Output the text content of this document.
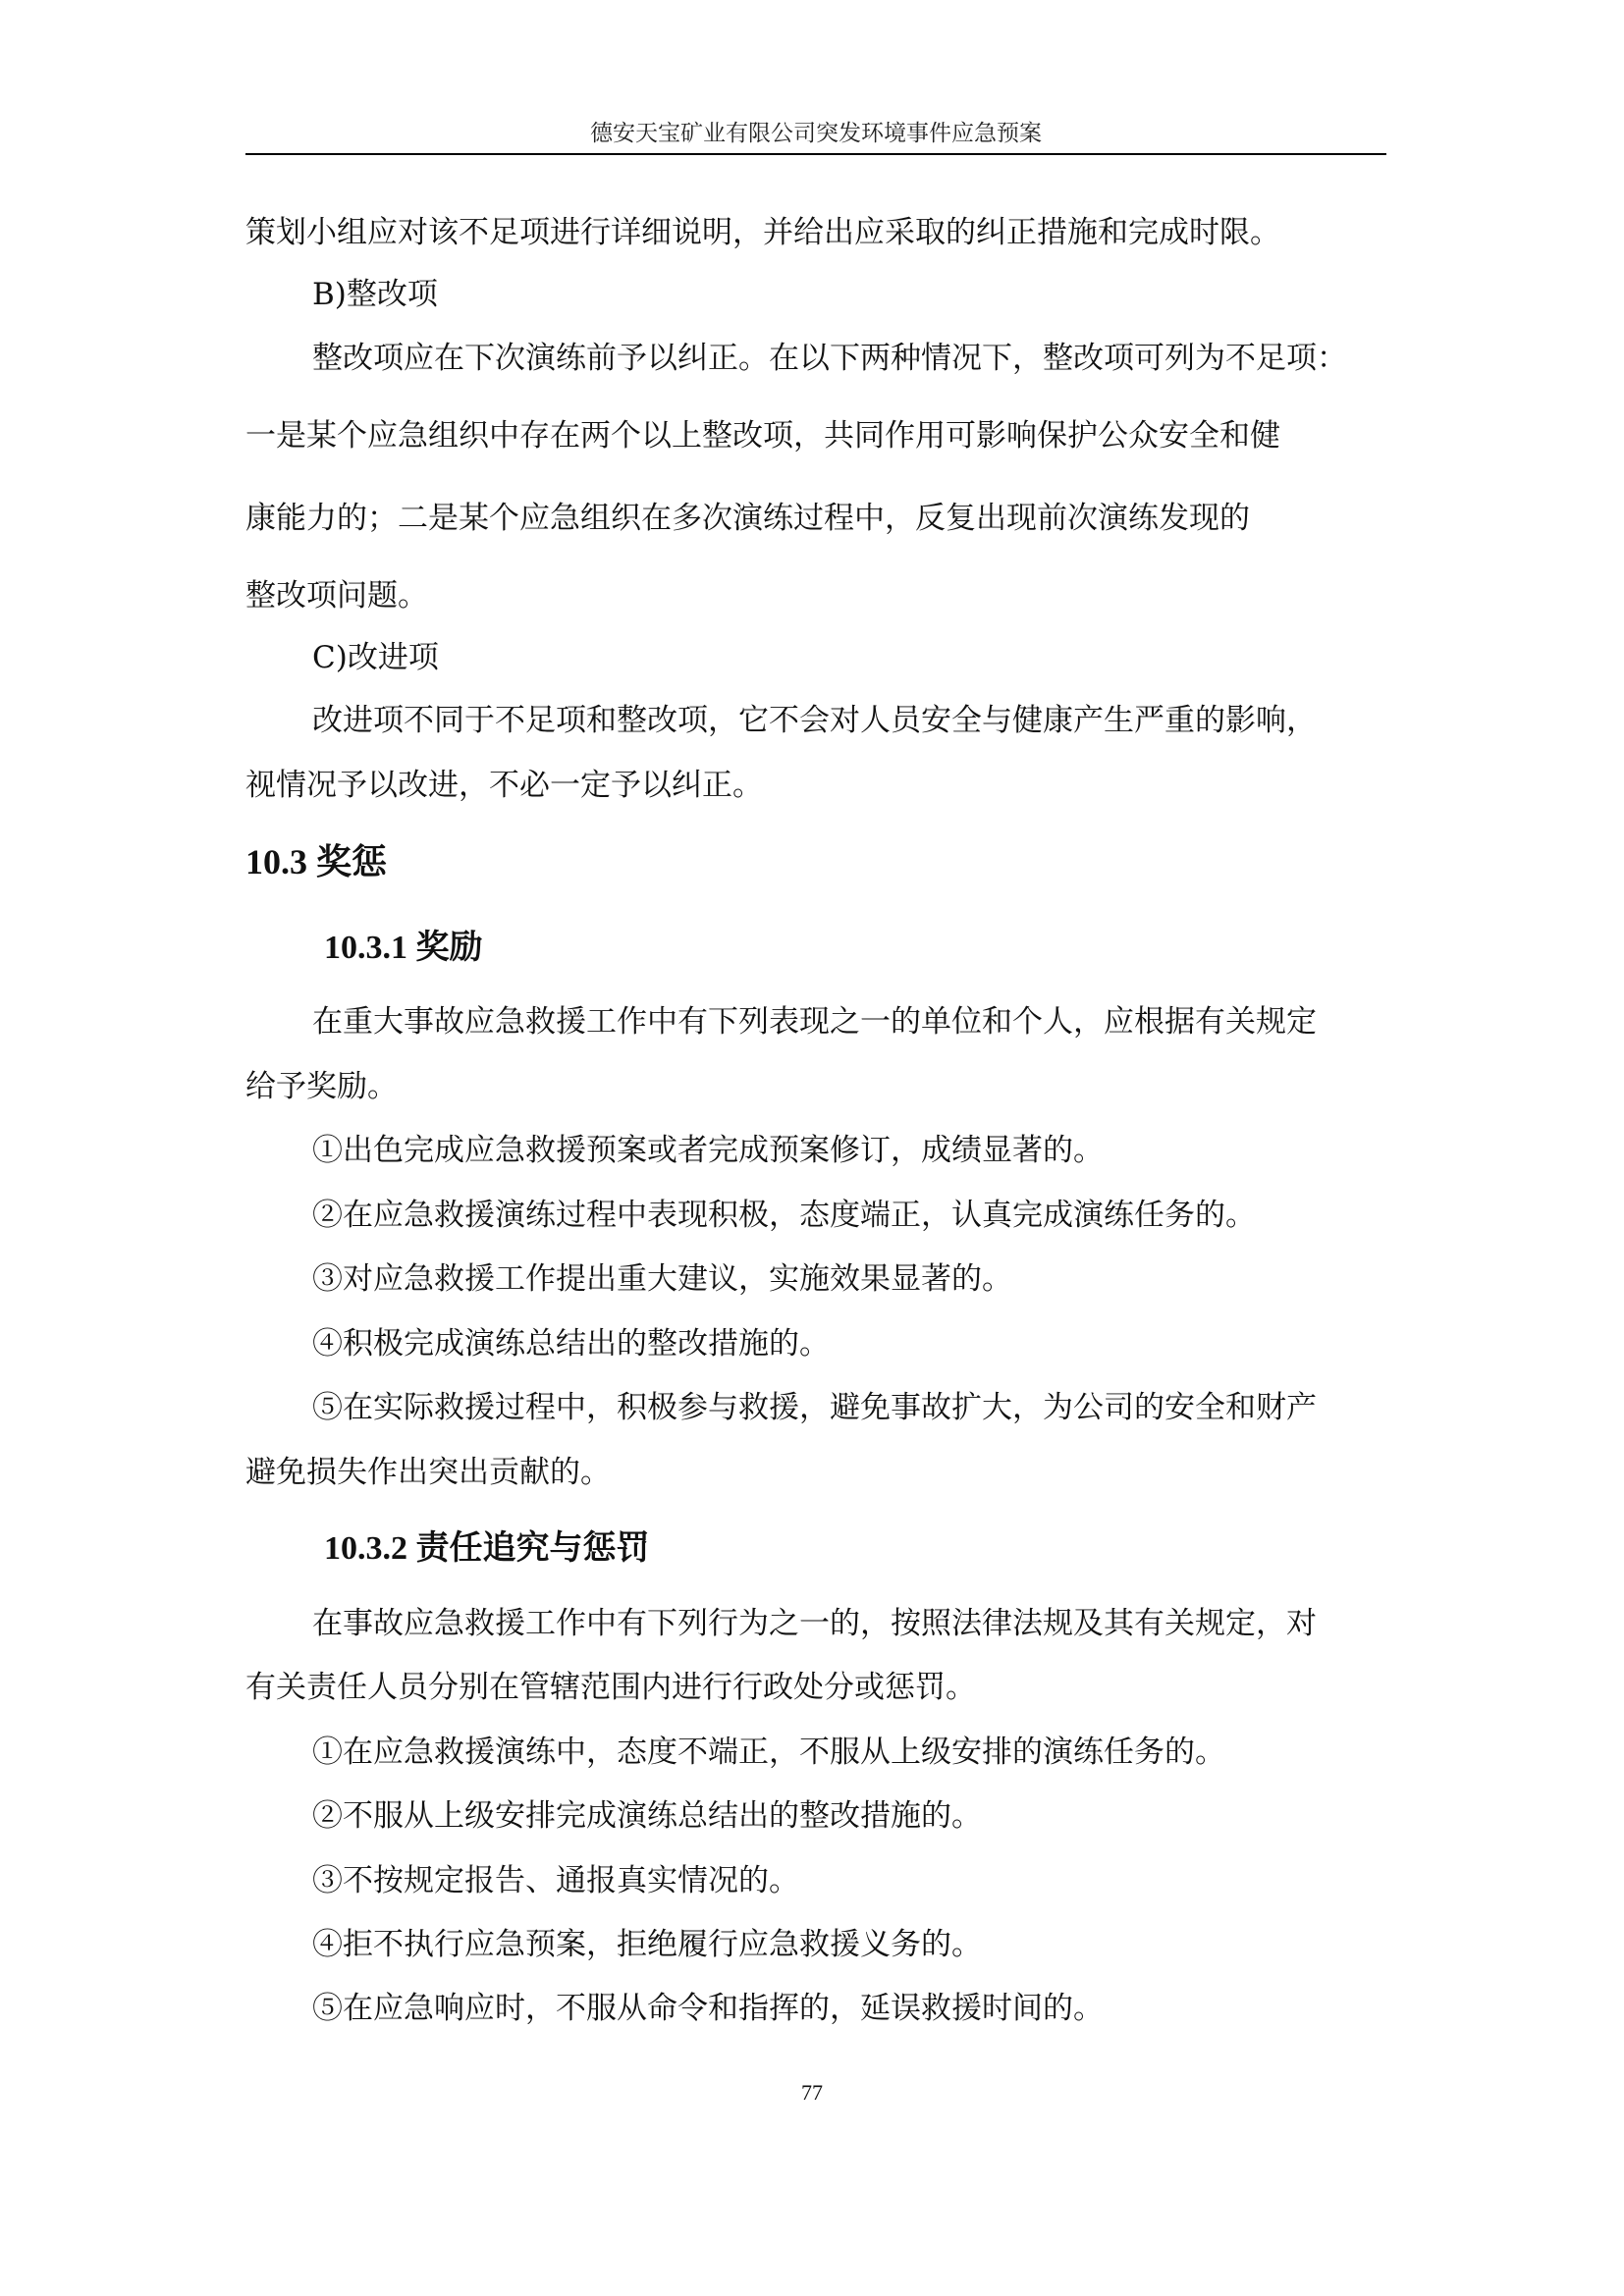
德安天宝矿业有限公司突发环境事件应急预案

策划小组应对该不足项进行详细说明，并给出应采取的纠正措施和完成时限。

B)整改项

整改项应在下次演练前予以纠正。在以下两种情况下，整改项可列为不足项：

一是某个应急组织中存在两个以上整改项，共同作用可影响保护公众安全和健

康能力的；二是某个应急组织在多次演练过程中，反复出现前次演练发现的

整改项问题。

C)改进项

改进项不同于不足项和整改项，它不会对人员安全与健康产生严重的影响，

视情况予以改进，不必一定予以纠正。

10.3 奖惩
10.3.1 奖励

在重大事故应急救援工作中有下列表现之一的单位和个人，应根据有关规定

给予奖励。

①出色完成应急救援预案或者完成预案修订，成绩显著的。

②在应急救援演练过程中表现积极，态度端正，认真完成演练任务的。

③对应急救援工作提出重大建议，实施效果显著的。

④积极完成演练总结出的整改措施的。

⑤在实际救援过程中，积极参与救援，避免事故扩大，为公司的安全和财产

避免损失作出突出贡献的。

10.3.2 责任追究与惩罚

在事故应急救援工作中有下列行为之一的，按照法律法规及其有关规定，对

有关责任人员分别在管辖范围内进行行政处分或惩罚。

①在应急救援演练中，态度不端正，不服从上级安排的演练任务的。

②不服从上级安排完成演练总结出的整改措施的。

③不按规定报告、通报真实情况的。

④拒不执行应急预案，拒绝履行应急救援义务的。

⑤在应急响应时，不服从命令和指挥的，延误救援时间的。

77
